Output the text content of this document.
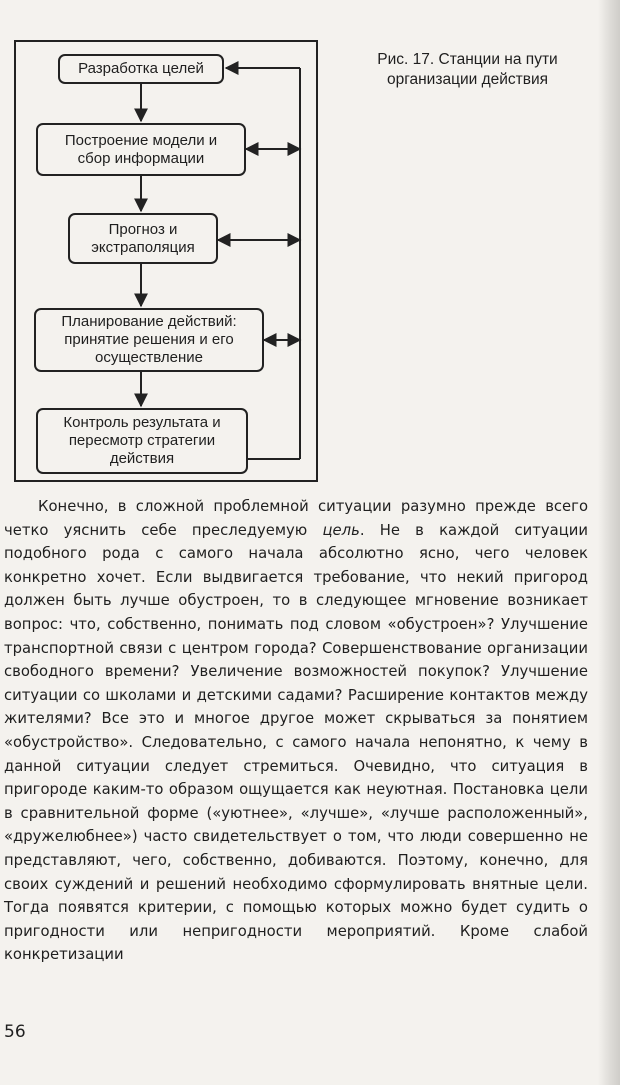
Разработка целей
Построение модели и
сбор информации
Прогноз и
экстраполяция
Планирование действий:
принятие решения и его
осуществление
Контроль результата и
пересмотр стратегии
действия
Рис. 17. Станции на пути
организации действия

Конечно, в сложной проблемной ситуации разумно прежде всего четко уяснить себе преследуемую цель. Не в каждой ситуации подобного рода с самого начала абсолютно ясно, чего человек конкретно хочет. Если выдвигается требование, что некий пригород должен быть лучше обустроен, то в следующее мгновение возникает вопрос: что, собственно, понимать под словом «обустроен»? Улучшение транспортной связи с центром города? Совершенствование организации свободного времени? Увеличение возможностей покупок? Улучшение ситуации со школами и детскими садами? Расширение контактов между жителями? Все это и многое другое может скрываться за понятием «обустройство». Следовательно, с самого начала непонятно, к чему в данной ситуации следует стремиться. Очевидно, что ситуация в пригороде каким-то образом ощущается как неуютная. Постановка цели в сравнительной форме («уютнее», «лучше», «лучше расположенный», «дружелюбнее») часто свидетельствует о том, что люди совершенно не представляют, чего, собственно, добиваются. Поэтому, конечно, для своих суждений и решений необходимо сформулировать внятные цели. Тогда появятся критерии, с помощью которых можно будет судить о пригодности или непригодности мероприятий. Кроме слабой конкретизации

56
